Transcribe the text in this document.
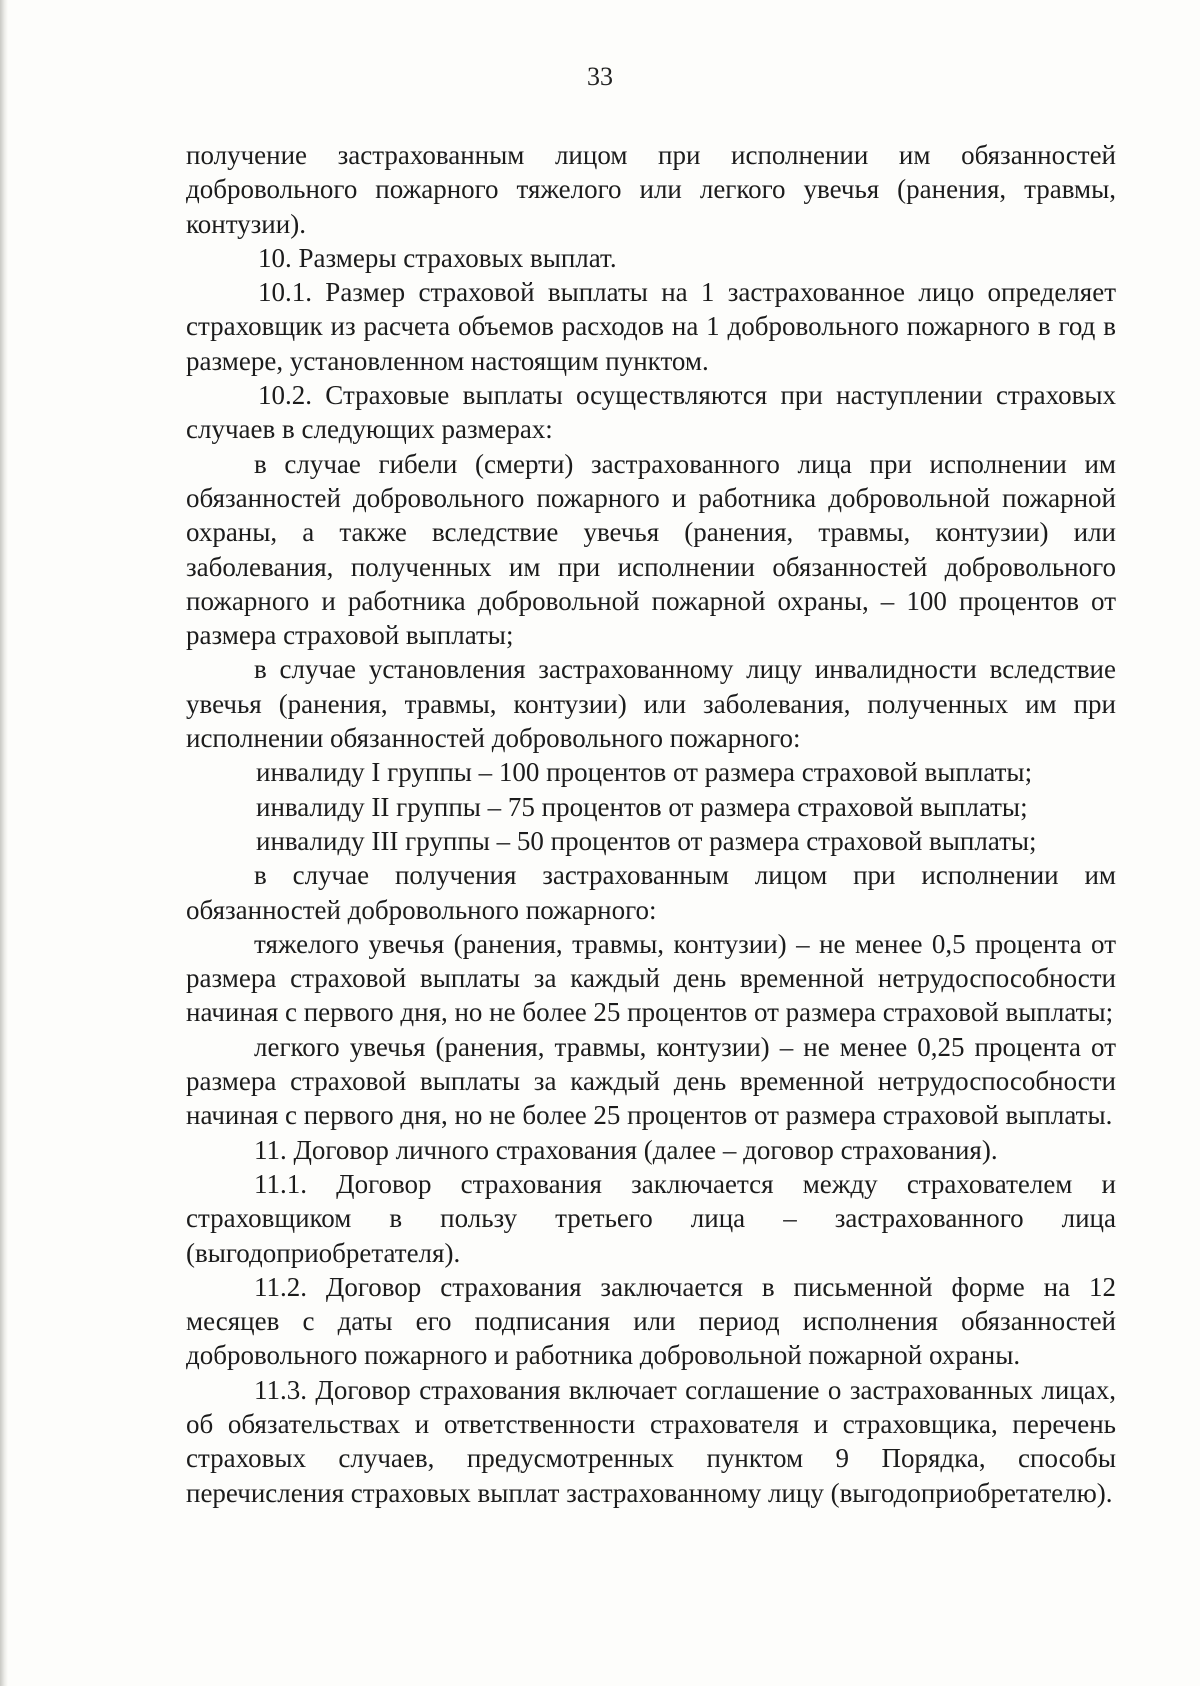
33

получение застрахованным лицом при исполнении им обязанностей добровольного пожарного тяжелого или легкого увечья (ранения, травмы, контузии).

10. Размеры страховых выплат.

10.1. Размер страховой выплаты на 1 застрахованное лицо определяет страховщик из расчета объемов расходов на 1 добровольного пожарного в год в размере, установленном настоящим пунктом.

10.2. Страховые выплаты осуществляются при наступлении страховых случаев в следующих размерах:

в случае гибели (смерти) застрахованного лица при исполнении им обязанностей добровольного пожарного и работника добровольной пожарной охраны, а также вследствие увечья (ранения, травмы, контузии) или заболевания, полученных им при исполнении обязанностей добровольного пожарного и работника добровольной пожарной охраны, – 100 процентов от размера страховой выплаты;

в случае установления застрахованному лицу инвалидности вследствие увечья (ранения, травмы, контузии) или заболевания, полученных им при исполнении обязанностей добровольного пожарного:

инвалиду I группы – 100 процентов от размера страховой выплаты;

инвалиду II группы – 75 процентов от размера страховой выплаты;

инвалиду III группы – 50 процентов от размера страховой выплаты;

в случае получения застрахованным лицом при исполнении им обязанностей добровольного пожарного:

тяжелого увечья (ранения, травмы, контузии) – не менее 0,5 процента от размера страховой выплаты за каждый день временной нетрудоспособности начиная с первого дня, но не более 25 процентов от размера страховой выплаты;

легкого увечья (ранения, травмы, контузии) – не менее 0,25 процента от размера страховой выплаты за каждый день временной нетрудоспособности начиная с первого дня, но не более 25 процентов от размера страховой выплаты.

11. Договор личного страхования (далее – договор страхования).

11.1. Договор страхования заключается между страхователем и страховщиком в пользу третьего лица – застрахованного лица (выгодоприобретателя).

11.2. Договор страхования заключается в письменной форме на 12 месяцев с даты его подписания или период исполнения обязанностей добровольного пожарного и работника добровольной пожарной охраны.

11.3. Договор страхования включает соглашение о застрахованных лицах, об обязательствах и ответственности страхователя и страховщика, перечень страховых случаев, предусмотренных пунктом 9 Порядка, способы перечисления страховых выплат застрахованному лицу (выгодоприобретателю).
